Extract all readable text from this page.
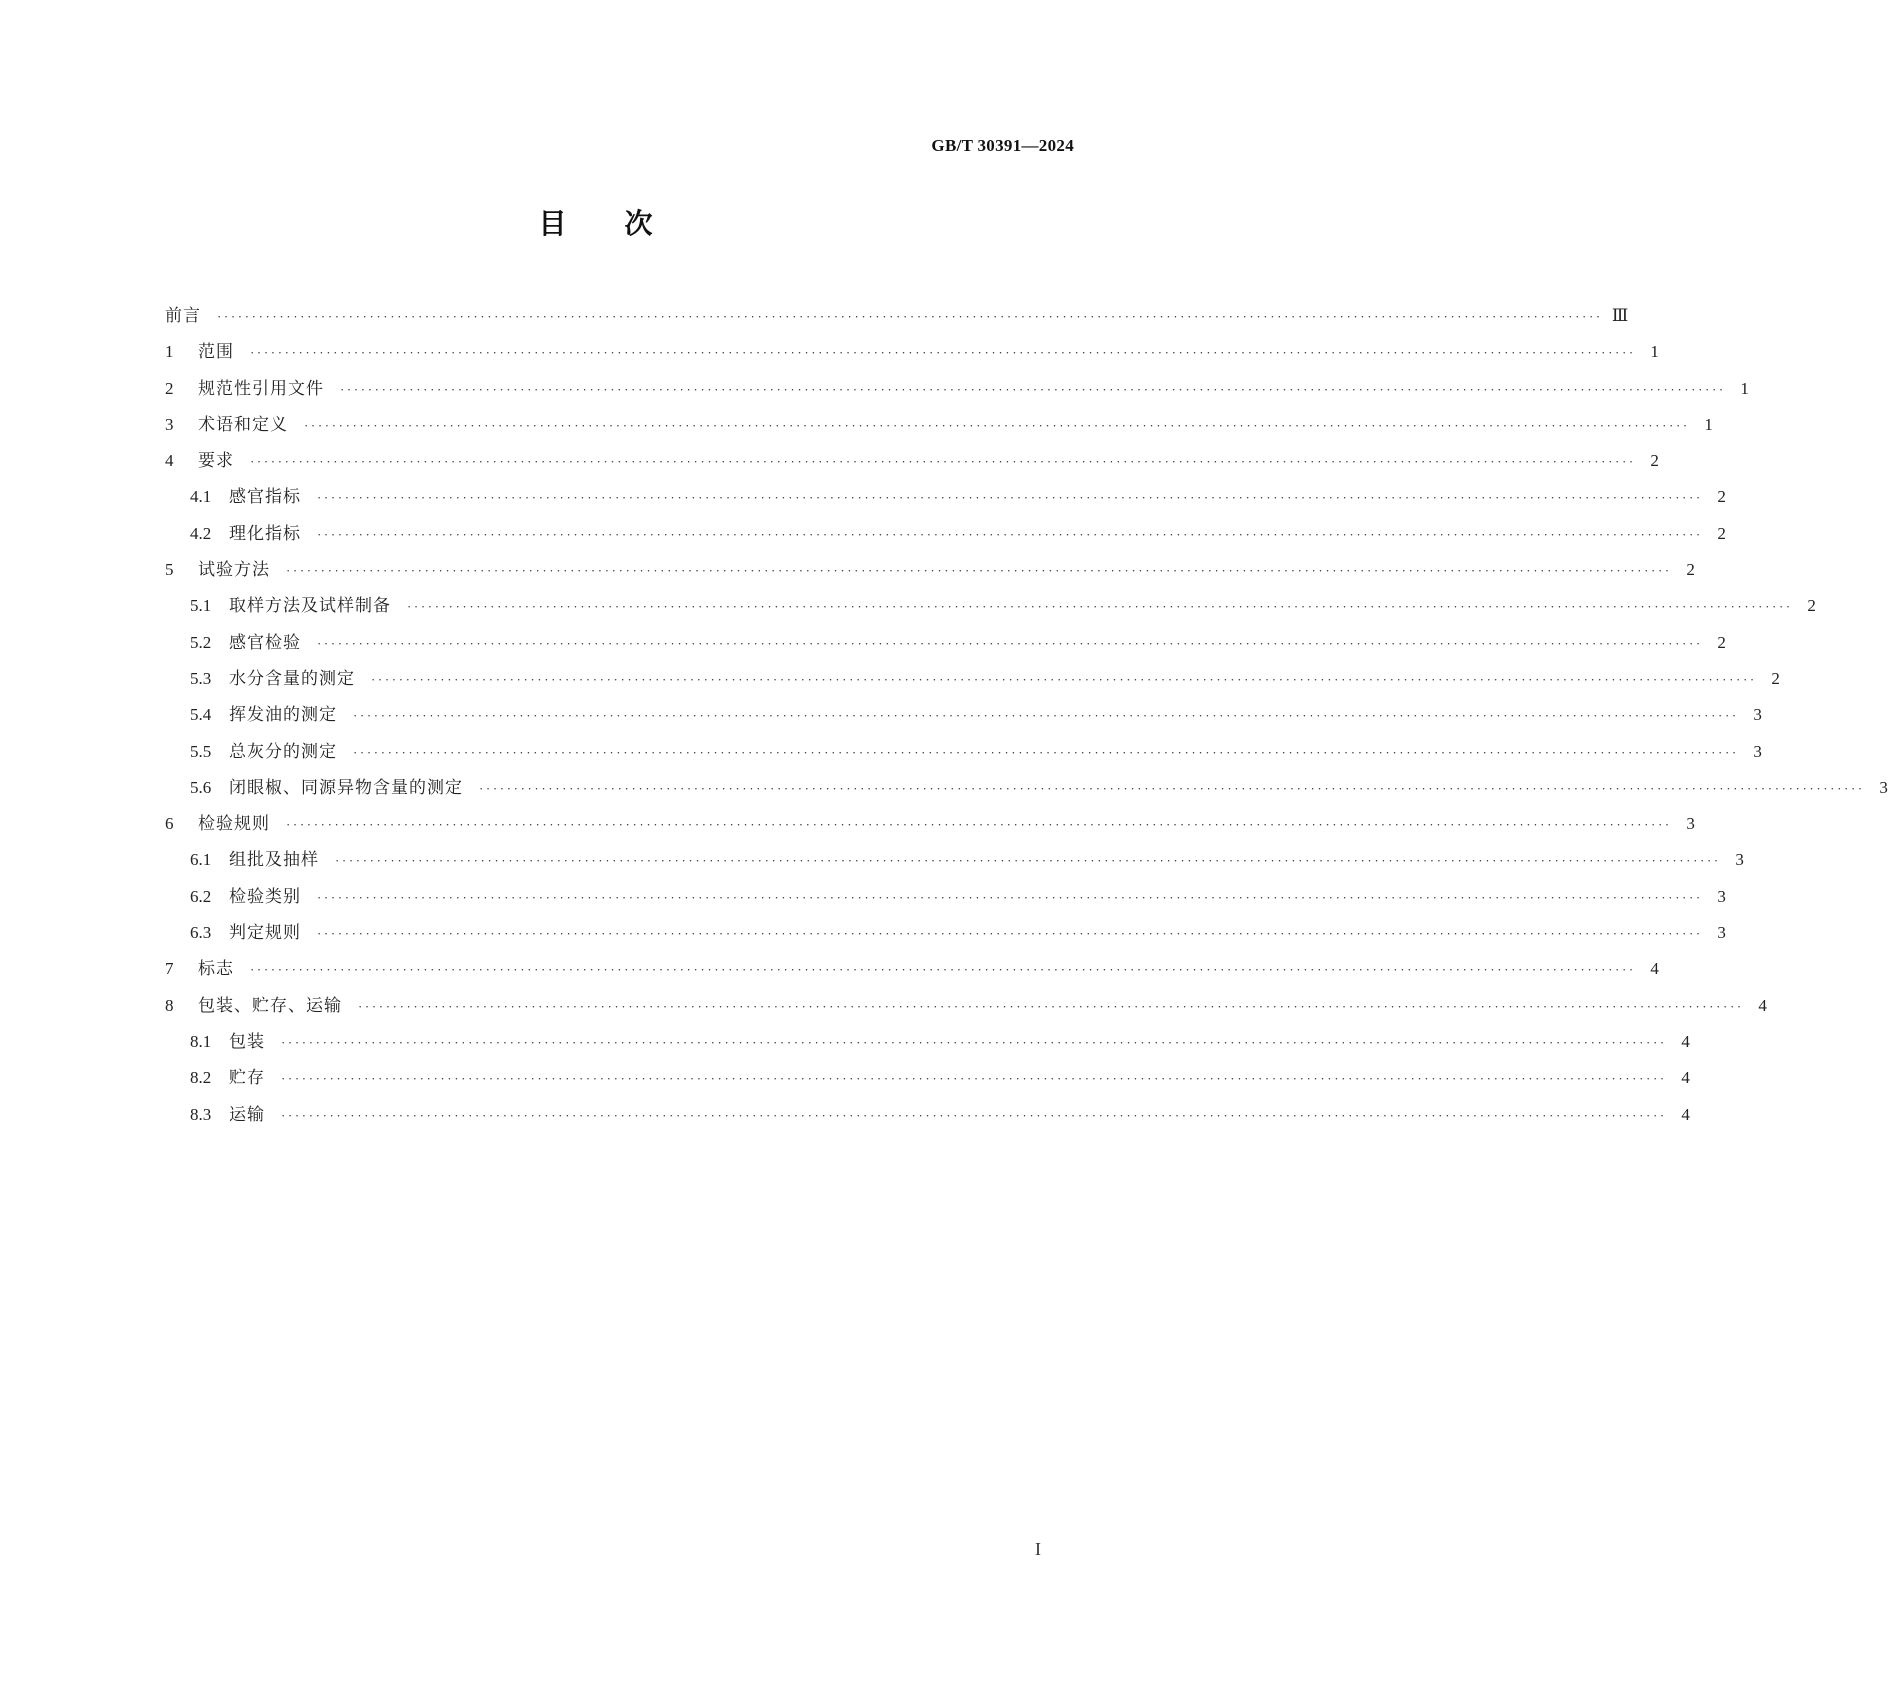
GB/T 30391—2024
目次
前言 ········································································································································································································ Ⅲ
1	范围 ········································································································································································································ 1
2	规范性引用文件 ········································································································································································································ 1
3	术语和定义 ········································································································································································································ 1
4	要求 ········································································································································································································ 2
4.1	感官指标 ········································································································································································································ 2
4.2	理化指标 ········································································································································································································ 2
5	试验方法 ········································································································································································································ 2
5.1	取样方法及试样制备 ········································································································································································································ 2
5.2	感官检验 ········································································································································································································ 2
5.3	水分含量的测定 ········································································································································································································ 2
5.4	挥发油的测定 ········································································································································································································ 3
5.5	总灰分的测定 ········································································································································································································ 3
5.6	闭眼椒、同源异物含量的测定 ········································································································································································································ 3
6	检验规则 ········································································································································································································ 3
6.1	组批及抽样 ········································································································································································································ 3
6.2	检验类别 ········································································································································································································ 3
6.3	判定规则 ········································································································································································································ 3
7	标志 ········································································································································································································ 4
8	包装、贮存、运输 ········································································································································································································ 4
8.1	包装 ········································································································································································································ 4
8.2	贮存 ········································································································································································································ 4
8.3	运输 ········································································································································································································ 4
I
